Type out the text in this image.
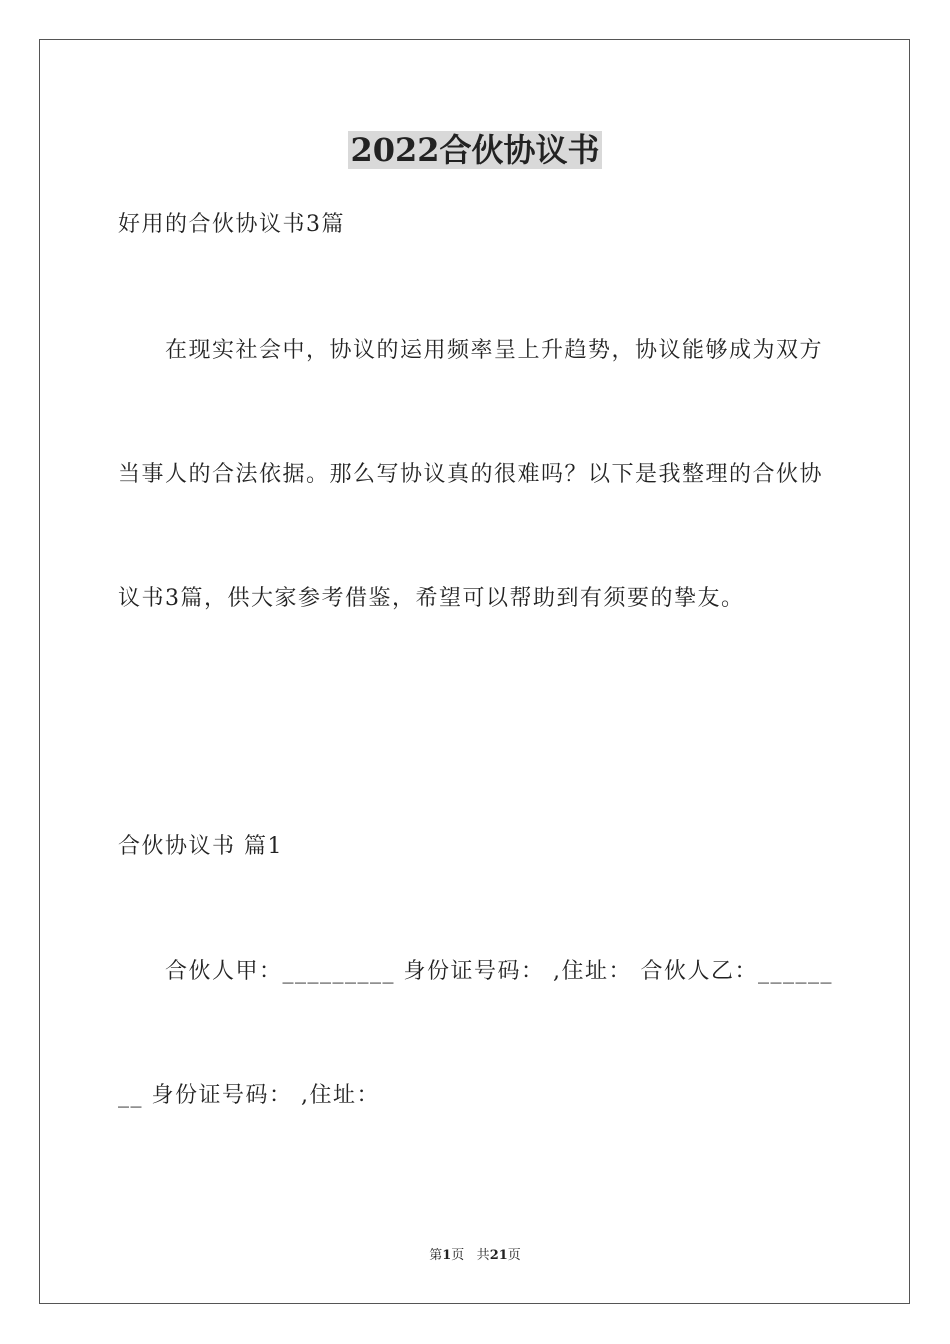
2022合伙协议书
好用的合伙协议书3篇
在现实社会中，协议的运用频率呈上升趋势，协议能够成为双方
当事人的合法依据。那么写协议真的很难吗？以下是我整理的合伙协
议书3篇，供大家参考借鉴，希望可以帮助到有须要的挚友。
合伙协议书 篇1
合伙人甲：_________ 身份证号码： ,住址： 合伙人乙：______
__ 身份证号码： ,住址：
第1页 共21页
